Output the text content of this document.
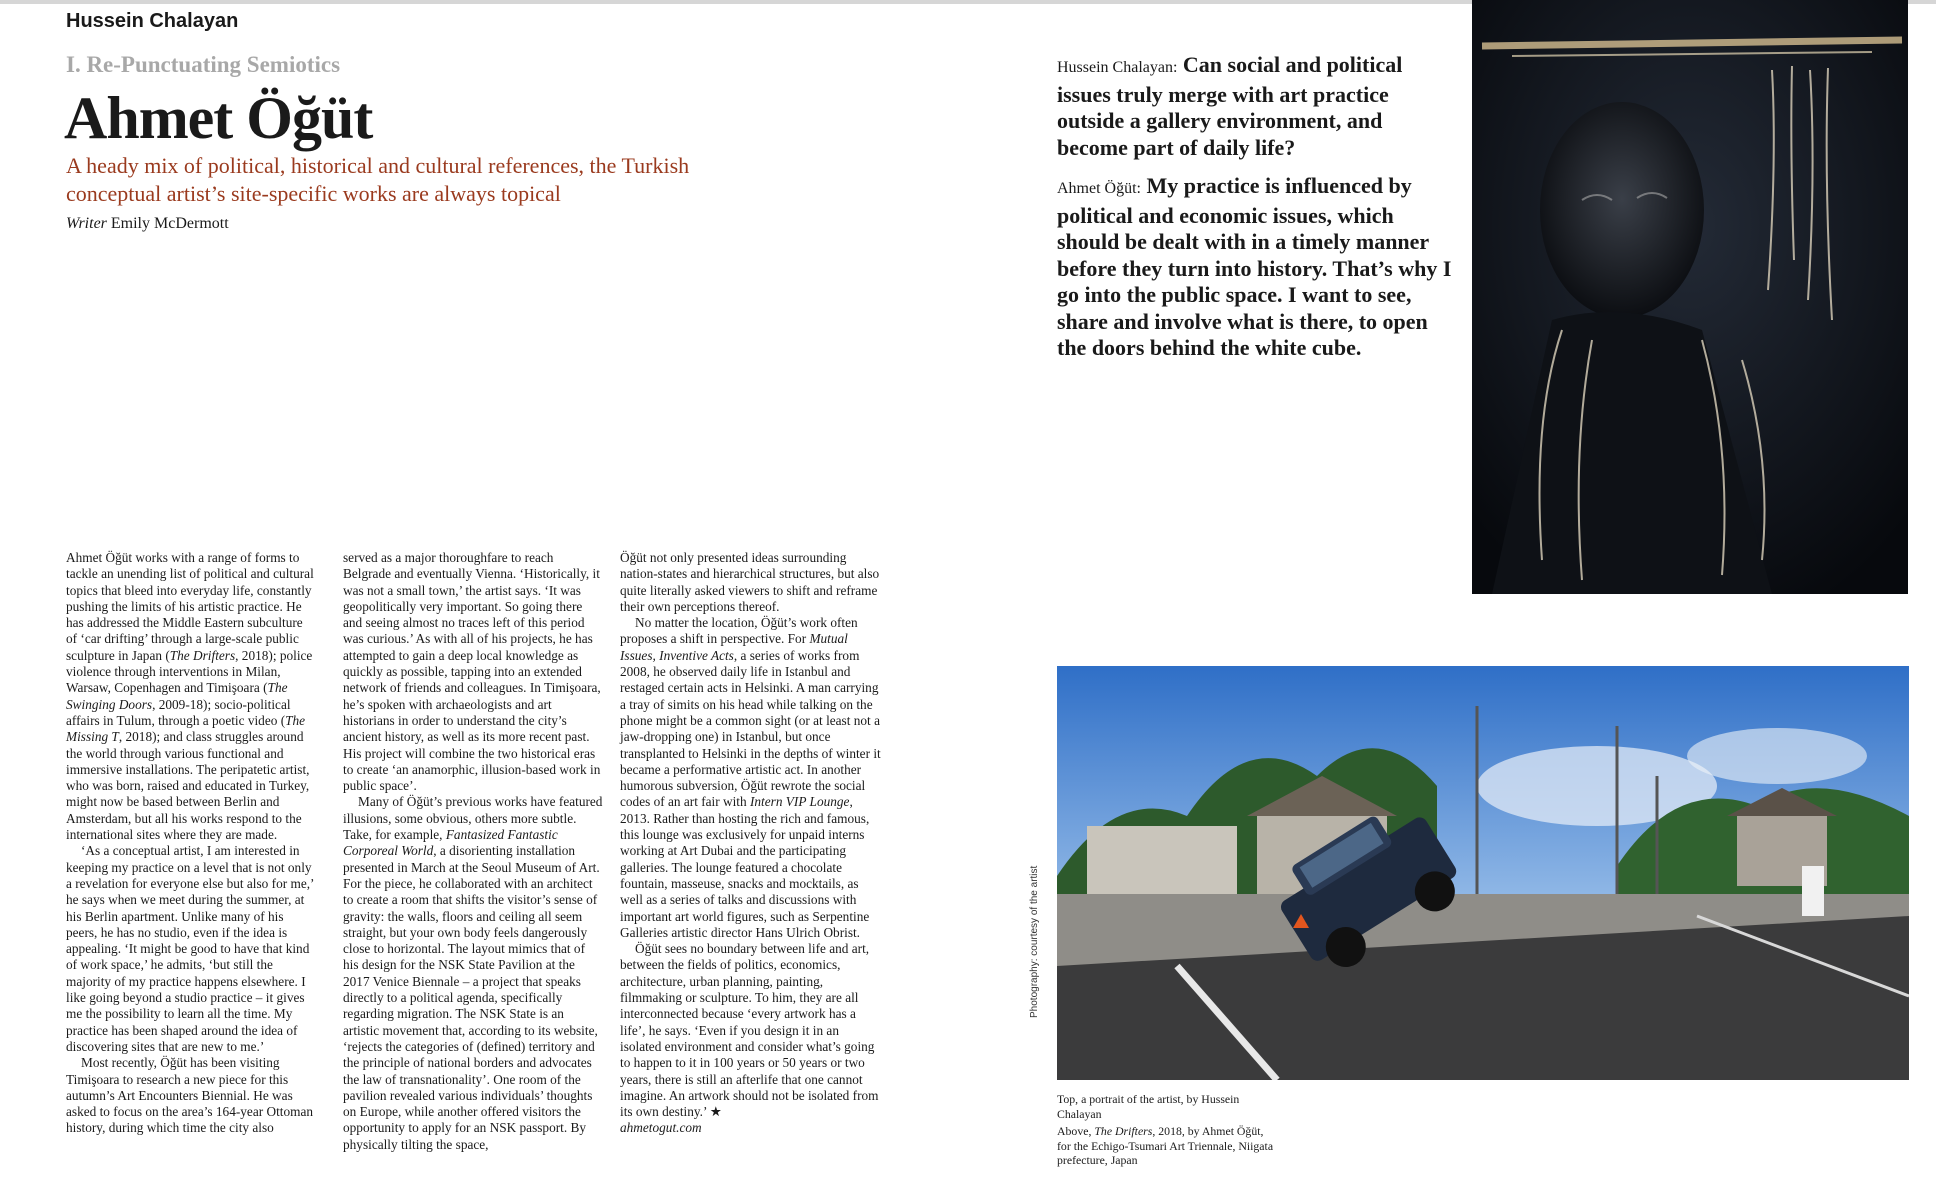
Hussein Chalayan
I. Re-Punctuating Semiotics
Ahmet Öğüt

A heady mix of political, historical and cultural references, the Turkish conceptual artist’s site-specific works are always topical

Writer Emily McDermott

Ahmet Öğüt works with a range of forms to tackle an unending list of political and cultural topics that bleed into everyday life, constantly pushing the limits of his artistic practice. He has addressed the Middle Eastern subculture of ‘car drifting’ through a large-scale public sculpture in Japan (The Drifters, 2018); police violence through interventions in Milan, Warsaw, Copenhagen and Timişoara (The Swinging Doors, 2009-18); socio-political affairs in Tulum, through a poetic video (The Missing T, 2018); and class struggles around the world through various functional and immersive installations. The peripatetic artist, who was born, raised and educated in Turkey, might now be based between Berlin and Amsterdam, but all his works respond to the international sites where they are made.

‘As a conceptual artist, I am interested in keeping my practice on a level that is not only a revelation for everyone else but also for me,’ he says when we meet during the summer, at his Berlin apartment. Unlike many of his peers, he has no studio, even if the idea is appealing. ‘It might be good to have that kind of work space,’ he admits, ‘but still the majority of my practice happens elsewhere. I like going beyond a studio practice – it gives me the possibility to learn all the time. My practice has been shaped around the idea of discovering sites that are new to me.’

Most recently, Öğüt has been visiting Timişoara to research a new piece for this autumn’s Art Encounters Biennial. He was asked to focus on the area’s 164-year Ottoman history, during which time the city also

served as a major thoroughfare to reach Belgrade and eventually Vienna. ‘Historically, it was not a small town,’ the artist says. ‘It was geopolitically very important. So going there and seeing almost no traces left of this period was curious.’ As with all of his projects, he has attempted to gain a deep local knowledge as quickly as possible, tapping into an extended network of friends and colleagues. In Timişoara, he’s spoken with archaeologists and art historians in order to understand the city’s ancient history, as well as its more recent past. His project will combine the two historical eras to create ‘an anamorphic, illusion-based work in public space’.

Many of Öğüt’s previous works have featured illusions, some obvious, others more subtle. Take, for example, Fantasized Fantastic Corporeal World, a disorienting installation presented in March at the Seoul Museum of Art. For the piece, he collaborated with an architect to create a room that shifts the visitor’s sense of gravity: the walls, floors and ceiling all seem straight, but your own body feels dangerously close to horizontal. The layout mimics that of his design for the NSK State Pavilion at the 2017 Venice Biennale – a project that speaks directly to a political agenda, specifically regarding migration. The NSK State is an artistic movement that, according to its website, ‘rejects the categories of (defined) territory and the principle of national borders and advocates the law of transnationality’. One room of the pavilion revealed various individuals’ thoughts on Europe, while another offered visitors the opportunity to apply for an NSK passport. By physically tilting the space,

Öğüt not only presented ideas surrounding nation-states and hierarchical structures, but also quite literally asked viewers to shift and reframe their own perceptions thereof.

No matter the location, Öğüt’s work often proposes a shift in perspective. For Mutual Issues, Inventive Acts, a series of works from 2008, he observed daily life in Istanbul and restaged certain acts in Helsinki. A man carrying a tray of simits on his head while talking on the phone might be a common sight (or at least not a jaw-dropping one) in Istanbul, but once transplanted to Helsinki in the depths of winter it became a performative artistic act. In another humorous subversion, Öğüt rewrote the social codes of an art fair with Intern VIP Lounge, 2013. Rather than hosting the rich and famous, this lounge was exclusively for unpaid interns working at Art Dubai and the participating galleries. The lounge featured a chocolate fountain, masseuse, snacks and mocktails, as well as a series of talks and discussions with important art world figures, such as Serpentine Galleries artistic director Hans Ulrich Obrist.

Öğüt sees no boundary between life and art, between the fields of politics, economics, architecture, urban planning, painting, filmmaking or sculpture. To him, they are all interconnected because ‘every artwork has a life’, he says. ‘Even if you design it in an isolated environment and consider what’s going to happen to it in 100 years or 50 years or two years, there is still an afterlife that one cannot imagine. An artwork should not be isolated from its own destiny.’ ★

ahmetogut.com

Hussein Chalayan: Can social and political issues truly merge with art practice outside a gallery environment, and become part of daily life?

Ahmet Öğüt: My practice is influenced by political and economic issues, which should be dealt with in a timely manner before they turn into history. That’s why I go into the public space. I want to see, share and involve what is there, to open the doors behind the white cube.

Photography: courtesy of the artist

Top, a portrait of the artist, by Hussein Chalayan

Above, The Drifters, 2018, by Ahmet Öğüt, for the Echigo-Tsumari Art Triennale, Niigata prefecture, Japan
